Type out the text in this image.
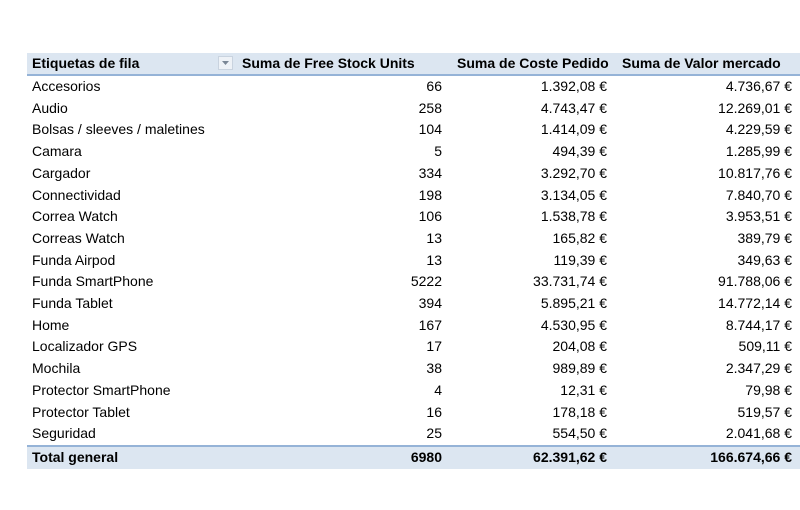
Etiquetas de fila	Suma de Free Stock Units	Suma de Coste Pedido	Suma de Valor mercado
Accesorios	66	1.392,08 €	4.736,67 €
Audio	258	4.743,47 €	12.269,01 €
Bolsas / sleeves / maletines	104	1.414,09 €	4.229,59 €
Camara	5	494,39 €	1.285,99 €
Cargador	334	3.292,70 €	10.817,76 €
Connectividad	198	3.134,05 €	7.840,70 €
Correa Watch	106	1.538,78 €	3.953,51 €
Correas Watch	13	165,82 €	389,79 €
Funda Airpod	13	119,39 €	349,63 €
Funda SmartPhone	5222	33.731,74 €	91.788,06 €
Funda Tablet	394	5.895,21 €	14.772,14 €
Home	167	4.530,95 €	8.744,17 €
Localizador GPS	17	204,08 €	509,11 €
Mochila	38	989,89 €	2.347,29 €
Protector SmartPhone	4	12,31 €	79,98 €
Protector Tablet	16	178,18 €	519,57 €
Seguridad	25	554,50 €	2.041,68 €
Total general	6980	62.391,62 €	166.674,66 €
